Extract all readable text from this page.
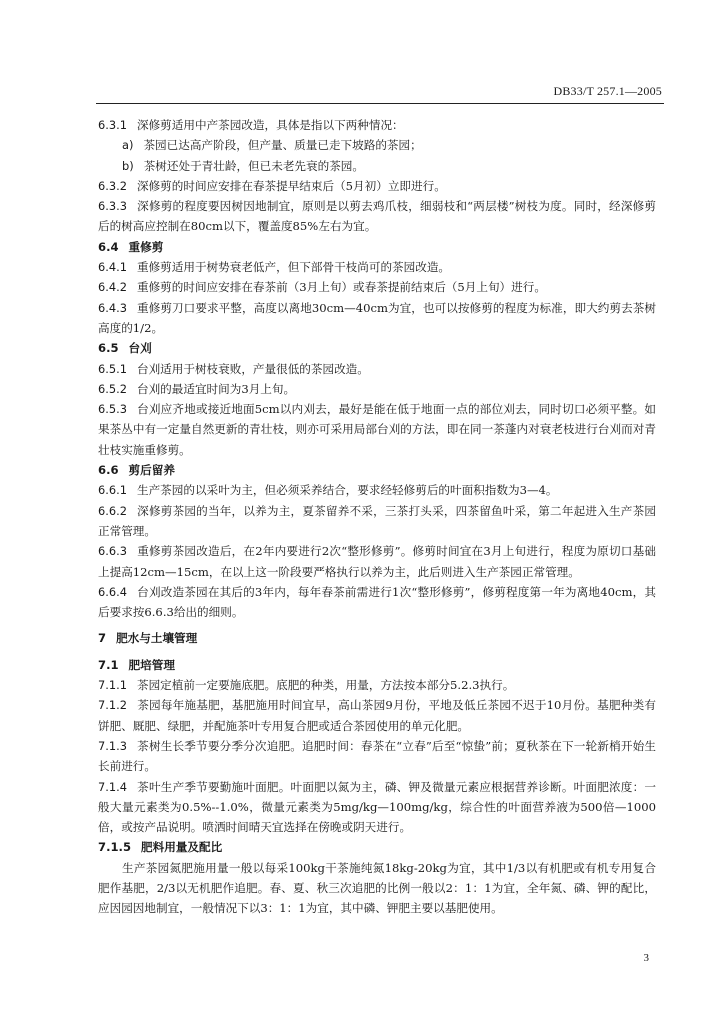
DB33/T 257.1—2005
6.3.1 深修剪适用中产茶园改造，具体是指以下两种情况：
a) 茶园已达高产阶段，但产量、质量已走下坡路的茶园；
b) 茶树还处于青壮龄，但已未老先衰的茶园。
6.3.2 深修剪的时间应安排在春茶提早结束后（5月初）立即进行。
6.3.3 深修剪的程度要因树因地制宜，原则是以剪去鸡爪枝，细弱枝和“两层楼”树枝为度。同时，经深修剪后的树高应控制在80cm以下，覆盖度85%左右为宜。
6.4 重修剪
6.4.1 重修剪适用于树势衰老低产，但下部骨干枝尚可的茶园改造。
6.4.2 重修剪的时间应安排在春茶前（3月上旬）或春茶提前结束后（5月上旬）进行。
6.4.3 重修剪刀口要求平整，高度以离地30cm—40cm为宜，也可以按修剪的程度为标准，即大约剪去茶树高度的1/2。
6.5 台刈
6.5.1 台刈适用于树枝衰败，产量很低的茶园改造。
6.5.2 台刈的最适宜时间为3月上旬。
6.5.3 台刈应齐地或接近地面5cm以内刈去，最好是能在低于地面一点的部位刈去，同时切口必须平整。如果茶丛中有一定量自然更新的青壮枝，则亦可采用局部台刈的方法，即在同一茶蓬内对衰老枝进行台刈而对青壮枝实施重修剪。
6.6 剪后留养
6.6.1 生产茶园的以采叶为主，但必须采养结合，要求经轻修剪后的叶面积指数为3—4。
6.6.2 深修剪茶园的当年，以养为主，夏茶留养不采，三茶打头采，四茶留鱼叶采，第二年起进入生产茶园正常管理。
6.6.3 重修剪茶园改造后，在2年内要进行2次“整形修剪”。修剪时间宜在3月上旬进行，程度为原切口基础上提高12cm—15cm，在以上这一阶段要严格执行以养为主，此后则进入生产茶园正常管理。
6.6.4 台刈改造茶园在其后的3年内，每年春茶前需进行1次“整形修剪”，修剪程度第一年为离地40cm，其后要求按6.6.3给出的细则。
7 肥水与土壤管理
7.1 肥培管理
7.1.1 茶园定植前一定要施底肥。底肥的种类，用量，方法按本部分5.2.3执行。
7.1.2 茶园每年施基肥，基肥施用时间宜早，高山茶园9月份，平地及低丘茶园不迟于10月份。基肥种类有饼肥、厩肥、绿肥，并配施茶叶专用复合肥或适合茶园使用的单元化肥。
7.1.3 茶树生长季节要分季分次追肥。追肥时间：春茶在“立春”后至“惊蛰”前；夏秋茶在下一轮新梢开始生长前进行。
7.1.4 茶叶生产季节要勤施叶面肥。叶面肥以氮为主，磷、钾及微量元素应根据营养诊断。叶面肥浓度：一般大量元素类为0.5%--1.0%，微量元素类为5mg/kg—100mg/kg，综合性的叶面营养液为500倍—1000倍，或按产品说明。喷洒时间晴天宜选择在傍晚或阴天进行。
7.1.5 肥料用量及配比
生产茶园氮肥施用量一般以每采100kg干茶施纯氮18kg-20kg为宜，其中1/3以有机肥或有机专用复合肥作基肥，2/3以无机肥作追肥。春、夏、秋三次追肥的比例一般以2：1：1为宜，全年氮、磷、钾的配比，应因园因地制宜，一般情况下以3：1：1为宜，其中磷、钾肥主要以基肥使用。
3
